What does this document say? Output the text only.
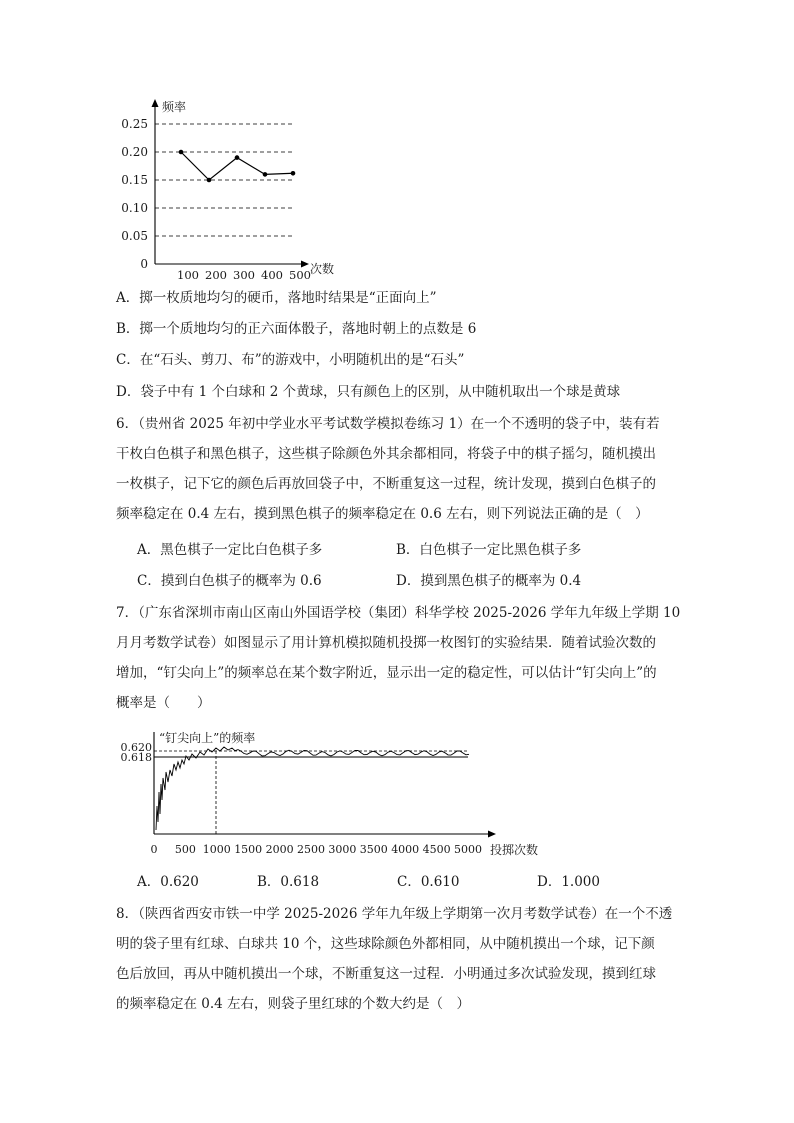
频率
次数
0.25
0.20
0.15
0.10
0.05
0
100 200 300 400 500
A．掷一枚质地均匀的硬币，落地时结果是“正面向上”
B．掷一个质地均匀的正六面体骰子，落地时朝上的点数是 6
C．在“石头、剪刀、布”的游戏中，小明随机出的是“石头”
D．袋子中有 1 个白球和 2 个黄球，只有颜色上的区别，从中随机取出一个球是黄球
6．（贵州省 2025 年初中学业水平考试数学模拟卷练习 1）在一个不透明的袋子中，装有若
干枚白色棋子和黑色棋子，这些棋子除颜色外其余都相同，将袋子中的棋子摇匀，随机摸出
一枚棋子，记下它的颜色后再放回袋子中，不断重复这一过程，统计发现，摸到白色棋子的
频率稳定在 0.4 左右，摸到黑色棋子的频率稳定在 0.6 左右，则下列说法正确的是（　）
A．黑色棋子一定比白色棋子多	B．白色棋子一定比黑色棋子多
C．摸到白色棋子的概率为 0.6	D．摸到黑色棋子的概率为 0.4
7．（广东省深圳市南山区南山外国语学校（集团）科华学校 2025-2026 学年九年级上学期 10
月月考数学试卷）如图显示了用计算机模拟随机投掷一枚图钉的实验结果．随着试验次数的
增加，“钉尖向上”的频率总在某个数字附近，显示出一定的稳定性，可以估计“钉尖向上”的
概率是（　　）
“钉尖向上”的频率
0.620
0.618
0 500 1000 1500 2000 2500 3000 3500 4000 4500 5000 投掷次数
A．0.620	B．0.618	C．0.610	D．1.000
8．（陕西省西安市铁一中学 2025-2026 学年九年级上学期第一次月考数学试卷）在一个不透
明的袋子里有红球、白球共 10 个，这些球除颜色外都相同，从中随机摸出一个球，记下颜
色后放回，再从中随机摸出一个球，不断重复这一过程．小明通过多次试验发现，摸到红球
的频率稳定在 0.4 左右，则袋子里红球的个数大约是（　）
